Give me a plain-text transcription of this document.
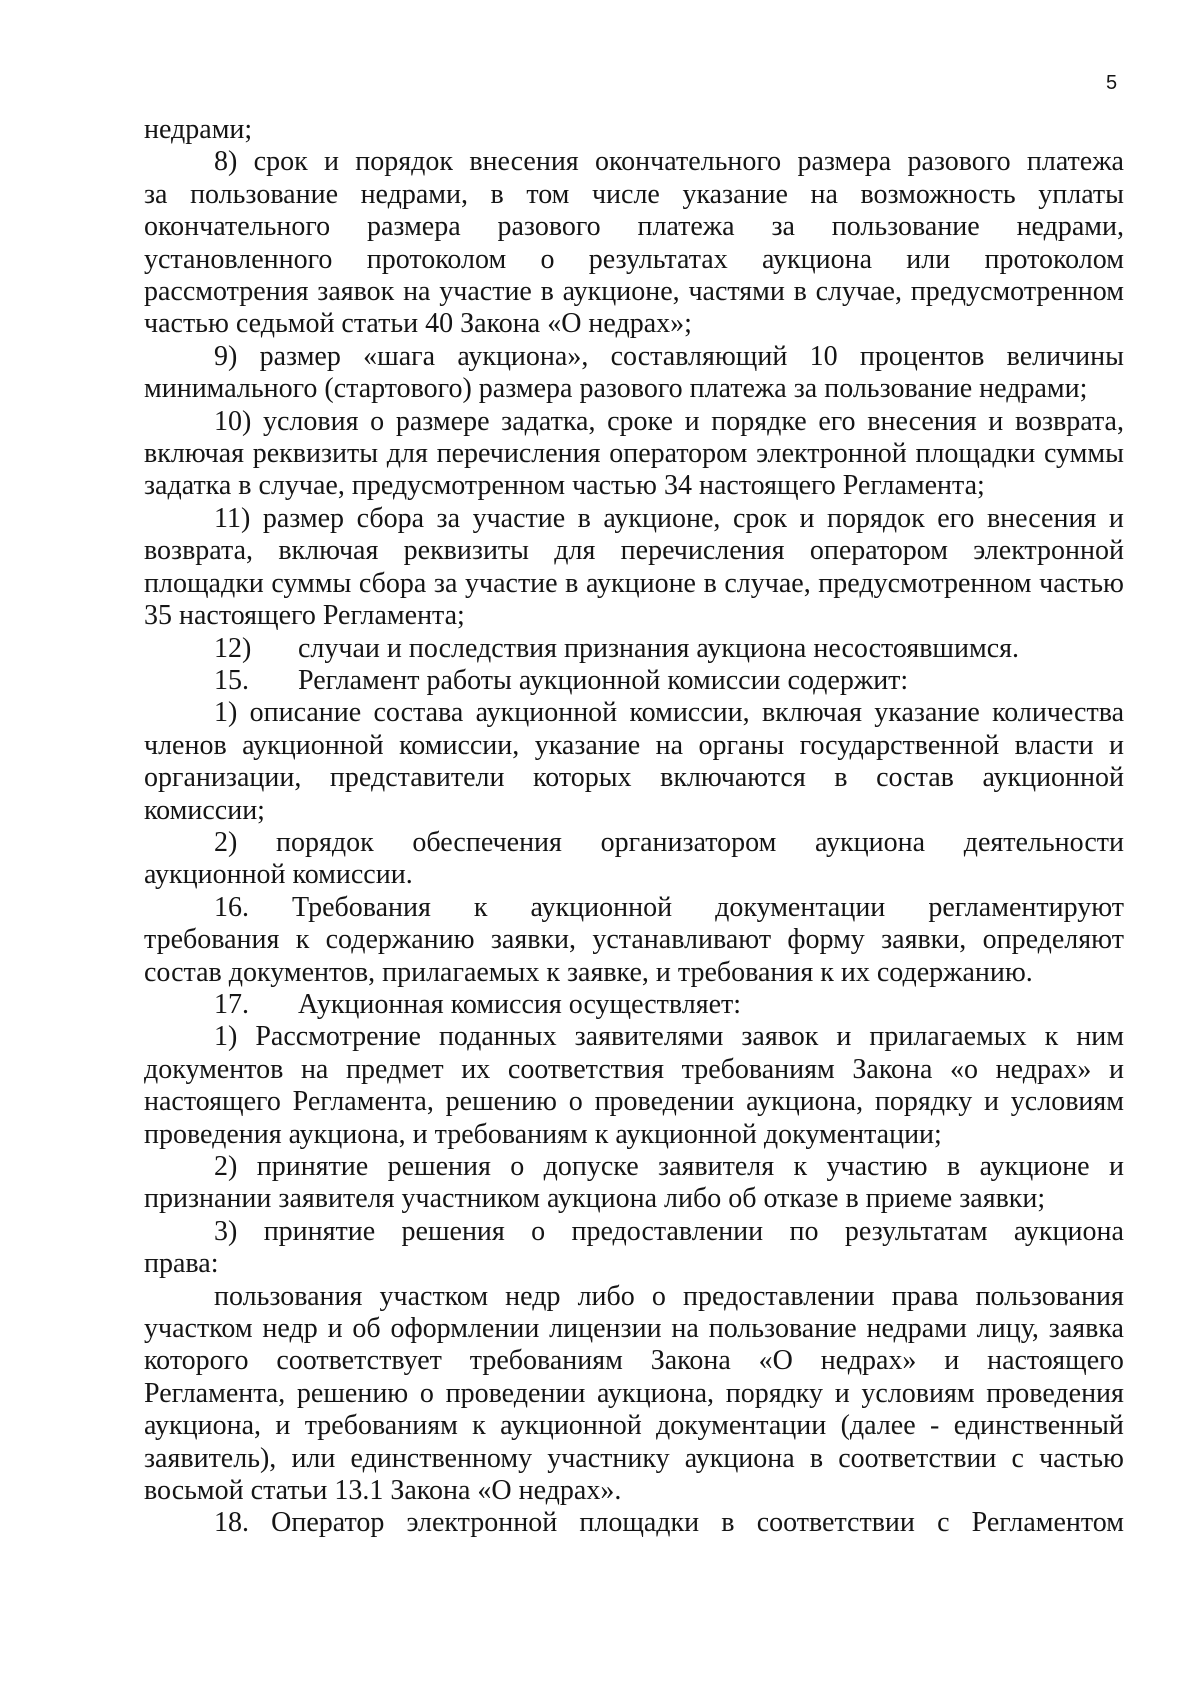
5
недрами;
8) срок и порядок внесения окончательного размера разового платежа
за пользование недрами, в том числе указание на возможность уплаты
окончательного размера разового платежа за пользование недрами,
установленного протоколом о результатах аукциона или протоколом
рассмотрения заявок на участие в аукционе, частями в случае, предусмотренном
частью седьмой статьи 40 Закона «О недрах»;
9) размер «шага аукциона», составляющий 10 процентов величины
минимального (стартового) размера разового платежа за пользование недрами;
10) условия о размере задатка, сроке и порядке его внесения и возврата,
включая реквизиты для перечисления оператором электронной площадки суммы
задатка в случае, предусмотренном частью 34 настоящего Регламента;
11) размер сбора за участие в аукционе, срок и порядок его внесения и
возврата, включая реквизиты для перечисления оператором электронной
площадки суммы сбора за участие в аукционе в случае, предусмотренном частью
35 настоящего Регламента;
12)случаи и последствия признания аукциона несостоявшимся.
15.Регламент работы аукционной комиссии содержит:
1) описание состава аукционной комиссии, включая указание количества
членов аукционной комиссии, указание на органы государственной власти и
организации, представители которых включаются в состав аукционной
комиссии;
2) порядок обеспечения организатором аукциона деятельности
аукционной комиссии.
16. Требования к аукционной документации регламентируют
требования к содержанию заявки, устанавливают форму заявки, определяют
состав документов, прилагаемых к заявке, и требования к их содержанию.
17.Аукционная комиссия осуществляет:
1) Рассмотрение поданных заявителями заявок и прилагаемых к ним
документов на предмет их соответствия требованиям Закона «о недрах» и
настоящего Регламента, решению о проведении аукциона, порядку и условиям
проведения аукциона, и требованиям к аукционной документации;
2) принятие решения о допуске заявителя к участию в аукционе и
признании заявителя участником аукциона либо об отказе в приеме заявки;
3) принятие решения о предоставлении по результатам аукциона
права:
пользования участком недр либо о предоставлении права пользования
участком недр и об оформлении лицензии на пользование недрами лицу, заявка
которого соответствует требованиям Закона «О недрах» и настоящего
Регламента, решению о проведении аукциона, порядку и условиям проведения
аукциона, и требованиям к аукционной документации (далее - единственный
заявитель), или единственному участнику аукциона в соответствии с частью
восьмой статьи 13.1 Закона «О недрах».
18. Оператор электронной площадки в соответствии с Регламентом
